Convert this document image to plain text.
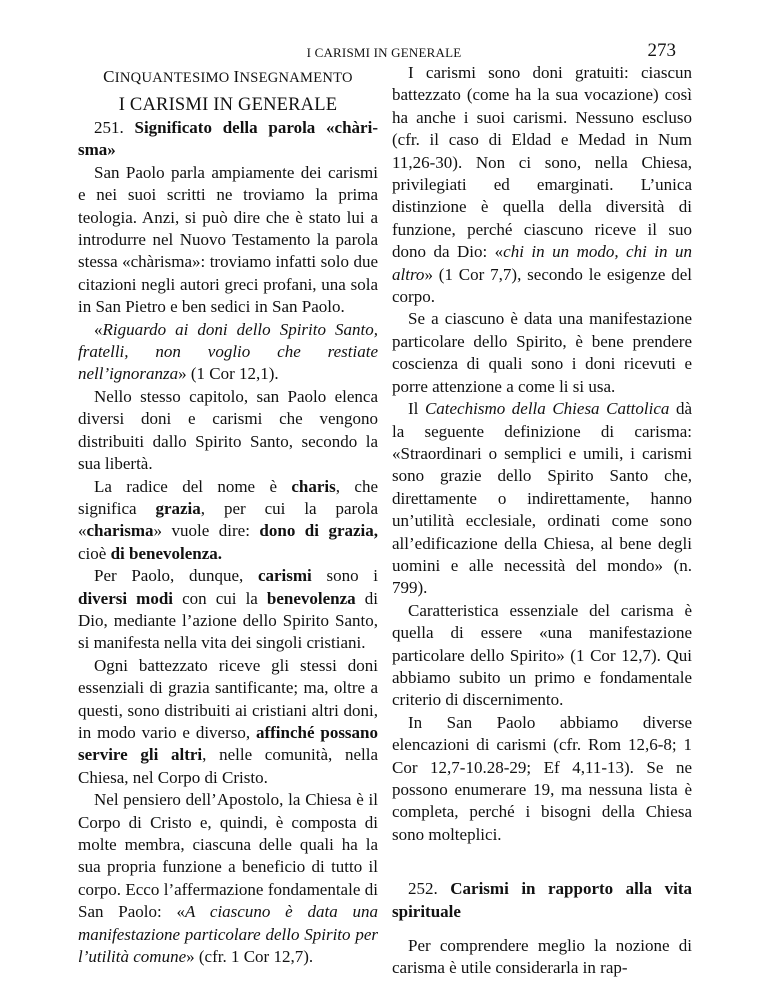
I CARISMI IN GENERALE	273
CINQUANTESIMO INSEGNAMENTO
I CARISMI IN GENERALE

251. Significato della parola «chàri- sma»

San Paolo parla ampiamente dei carismi e nei suoi scritti ne troviamo la prima teologia. Anzi, si può dire che è stato lui a introdurre nel Nuovo Testamento la parola stessa «chàrisma»: troviamo infatti solo due citazioni negli autori greci profani, una sola in San Pietro e ben sedici in San Paolo.

«Riguardo ai doni dello Spirito Santo, fratelli, non voglio che restiate nell’ignoranza» (1 Cor 12,1).

Nello stesso capitolo, san Paolo elenca diversi doni e carismi che vengono distribuiti dallo Spirito Santo, secondo la sua libertà.

La radice del nome è charis, che significa grazia, per cui la parola «charisma» vuole dire: dono di grazia, cioè di benevolenza.

Per Paolo, dunque, carismi sono i diversi modi con cui la benevolenza di Dio, mediante l’azione dello Spirito Santo, si manifesta nella vita dei singoli cristiani.

Ogni battezzato riceve gli stessi doni essenziali di grazia santificante; ma, oltre a questi, sono distribuiti ai cristiani altri doni, in modo vario e diverso, affinché possano servire gli altri, nelle comunità, nella Chiesa, nel Corpo di Cristo.

Nel pensiero dell’Apostolo, la Chiesa è il Corpo di Cristo e, quindi, è composta di molte membra, ciascuna delle quali ha la sua propria funzione a beneficio di tutto il corpo. Ecco l’affermazione fondamentale di San Paolo: «A ciascuno è data una manifestazione particolare dello Spirito per l’utilità comune» (cfr. 1 Cor 12,7).

I carismi sono doni gratuiti: ciascun battezzato (come ha la sua vocazione) così ha anche i suoi carismi. Nessuno escluso (cfr. il caso di Eldad e Medad in Num 11,26-30). Non ci sono, nella Chiesa, privilegiati ed emarginati. L’unica distinzione è quella della diversità di funzione, perché ciascuno riceve il suo dono da Dio: «chi in un modo, chi in un altro» (1 Cor 7,7), secondo le esigenze del corpo.

Se a ciascuno è data una manifestazione particolare dello Spirito, è bene prendere coscienza di quali sono i doni ricevuti e porre attenzione a come li si usa.

Il Catechismo della Chiesa Cattolica dà la seguente definizione di carisma: «Straordinari o semplici e umili, i carismi sono grazie dello Spirito Santo che, direttamente o indirettamente, hanno un’utilità ecclesiale, ordinati come sono all’edificazione della Chiesa, al bene degli uomini e alle necessità del mondo» (n. 799).

Caratteristica essenziale del carisma è quella di essere «una manifestazione particolare dello Spirito» (1 Cor 12,7). Qui abbiamo subito un primo e fondamentale criterio di discernimento.

In San Paolo abbiamo diverse elencazioni di carismi (cfr. Rom 12,6-8; 1 Cor 12,7-10.28-29; Ef 4,11-13). Se ne possono enumerare 19, ma nessuna lista è completa, perché i bisogni della Chiesa sono molteplici.

252. Carismi in rapporto alla vita spirituale

Per comprendere meglio la nozione di carisma è utile considerarla in rap-
